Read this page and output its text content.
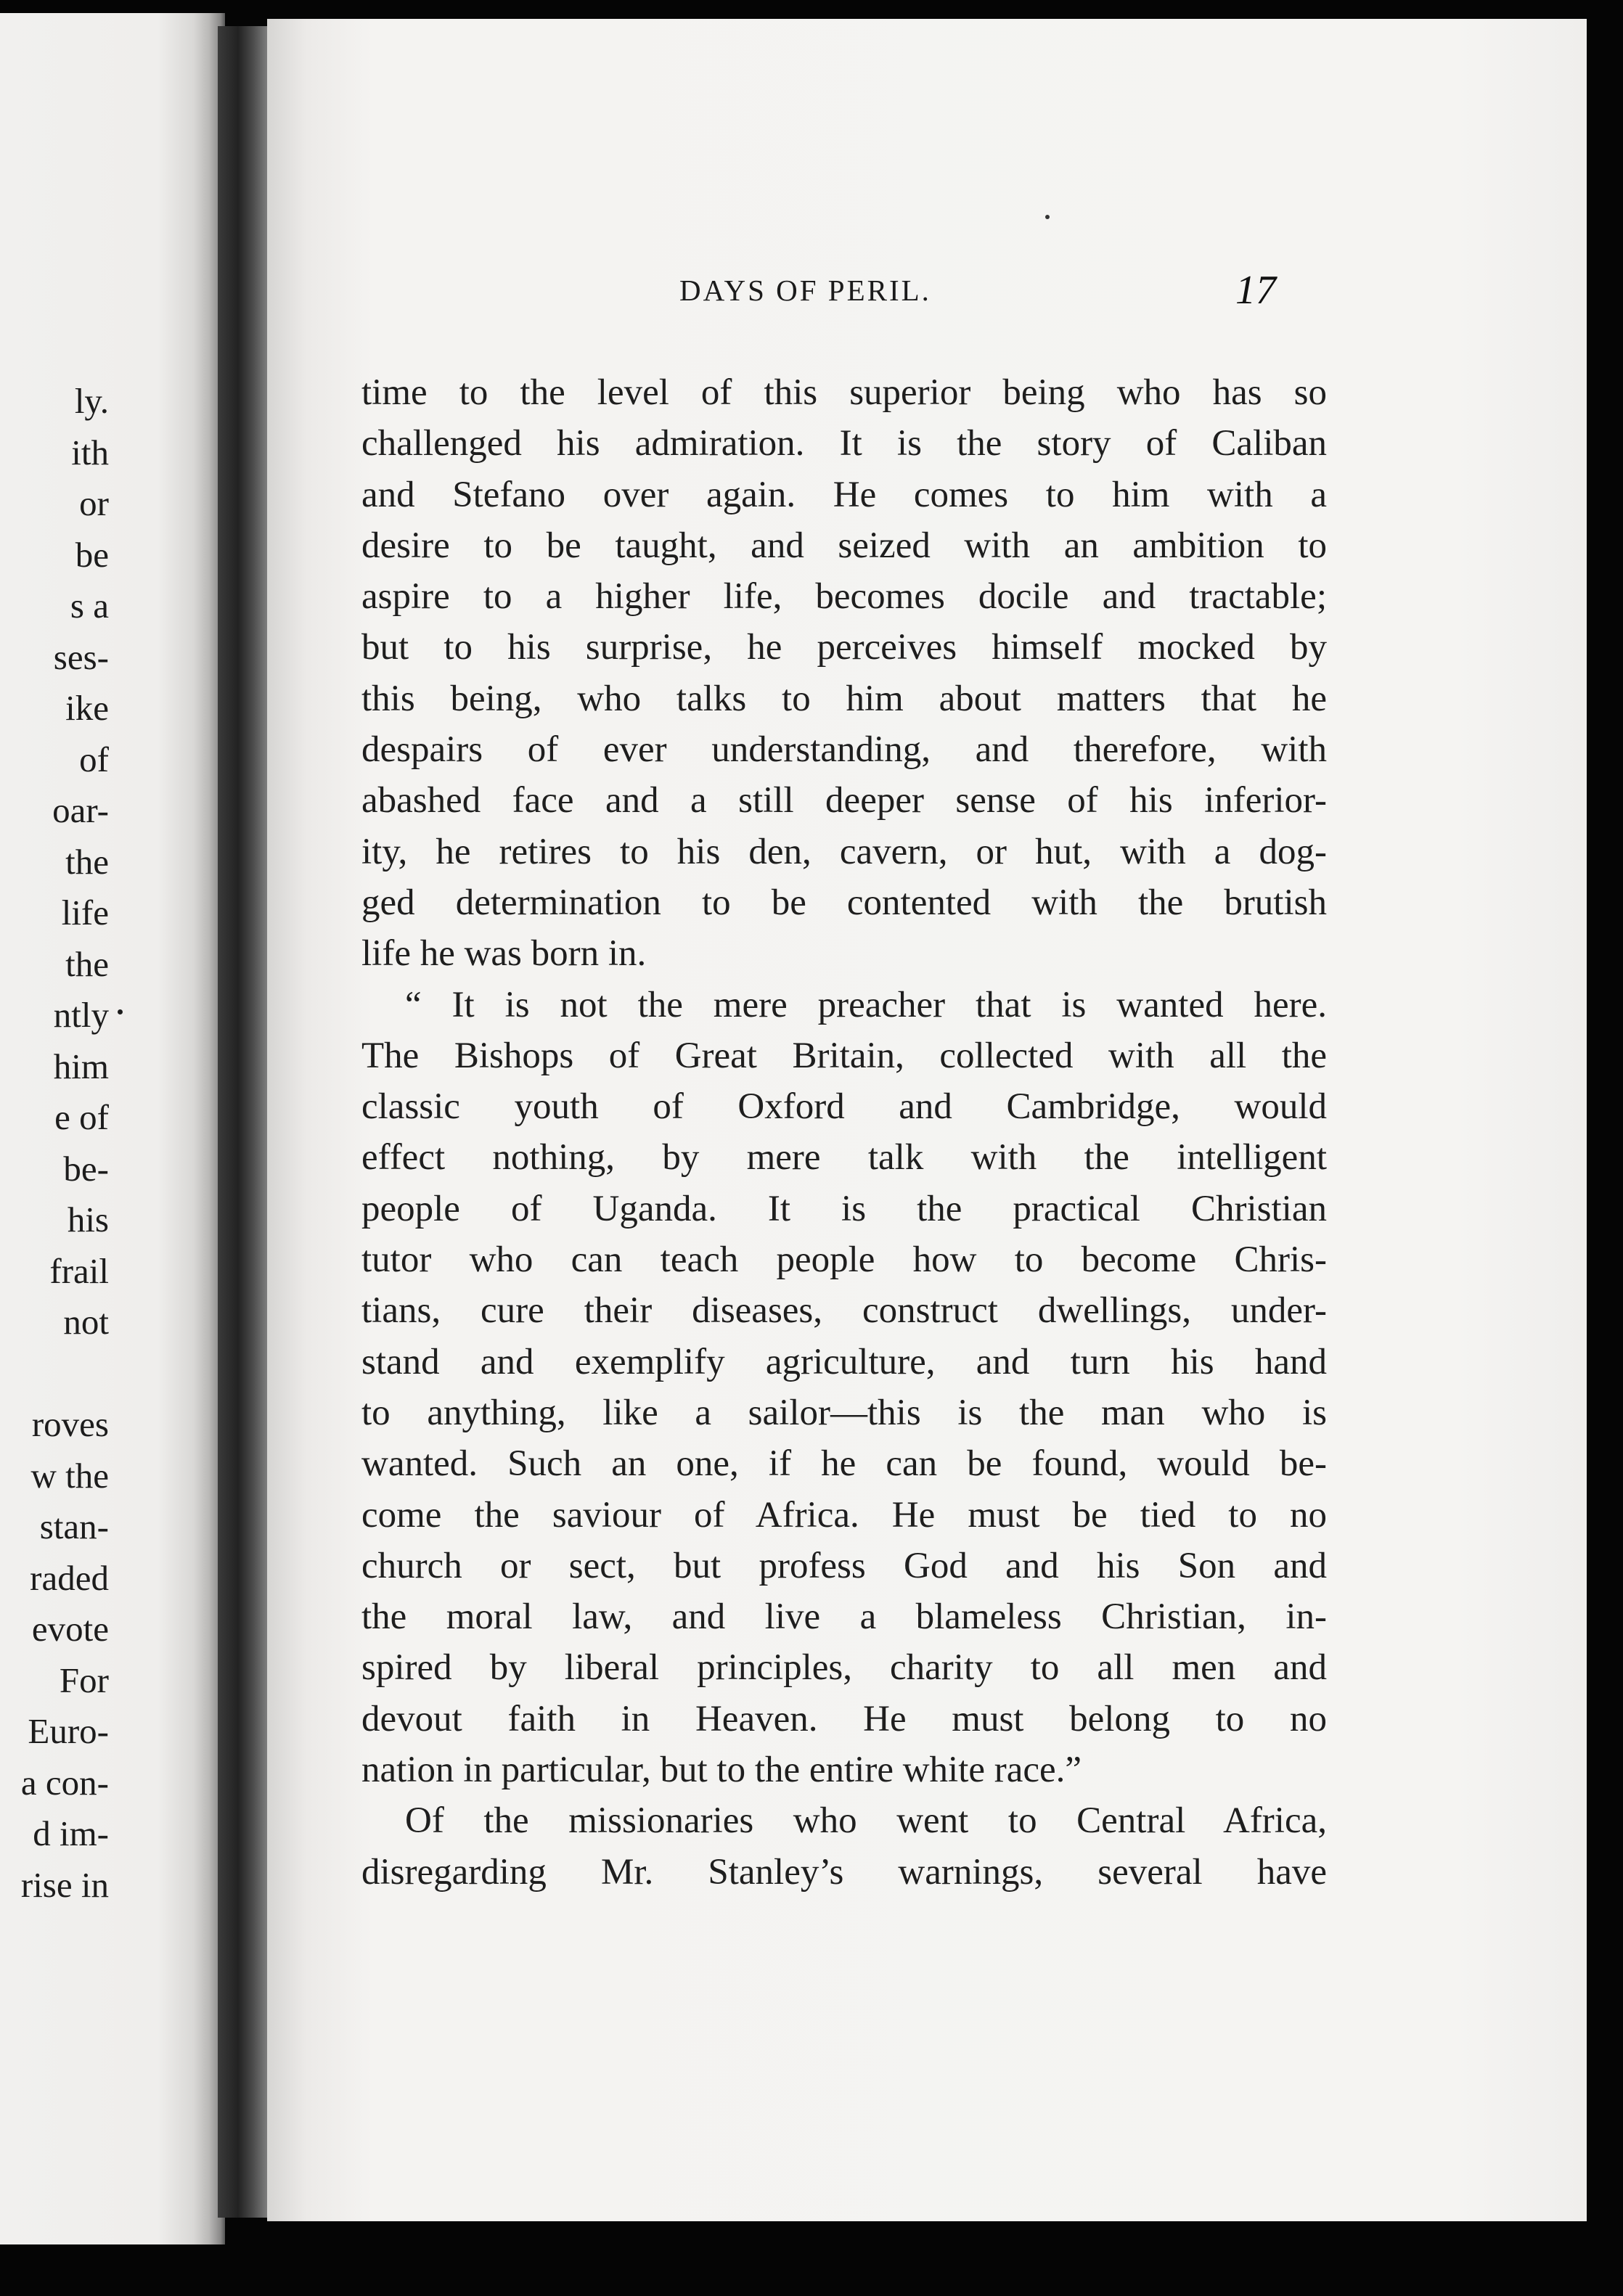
ly.
ith
or
be
s a
ses-
ike
of
oar-
the
life
the
ntly
him
e of
be-
his
frail
not
roves
w the
stan-
raded
evote
For
Euro-
a con-
d im-
rise in
DAYS OF PERIL.	17
time to the level of this superior being who has so
challenged his admiration. It is the story of Caliban
and Stefano over again. He comes to him with a
desire to be taught, and seized with an ambition to
aspire to a higher life, becomes docile and tractable;
but to his surprise, he perceives himself mocked by
this being, who talks to him about matters that he
despairs of ever understanding, and therefore, with
abashed face and a still deeper sense of his inferior-
ity, he retires to his den, cavern, or hut, with a dog-
ged determination to be contented with the brutish
life he was born in.
“ It is not the mere preacher that is wanted here.
The Bishops of Great Britain, collected with all the
classic youth of Oxford and Cambridge, would
effect nothing, by mere talk with the intelligent
people of Uganda. It is the practical Christian
tutor who can teach people how to become Chris-
tians, cure their diseases, construct dwellings, under-
stand and exemplify agriculture, and turn his hand
to anything, like a sailor—this is the man who is
wanted. Such an one, if he can be found, would be-
come the saviour of Africa. He must be tied to no
church or sect, but profess God and his Son and
the moral law, and live a blameless Christian, in-
spired by liberal principles, charity to all men and
devout faith in Heaven. He must belong to no
nation in particular, but to the entire white race.”
Of the missionaries who went to Central Africa,
disregarding Mr. Stanley’s warnings, several have
